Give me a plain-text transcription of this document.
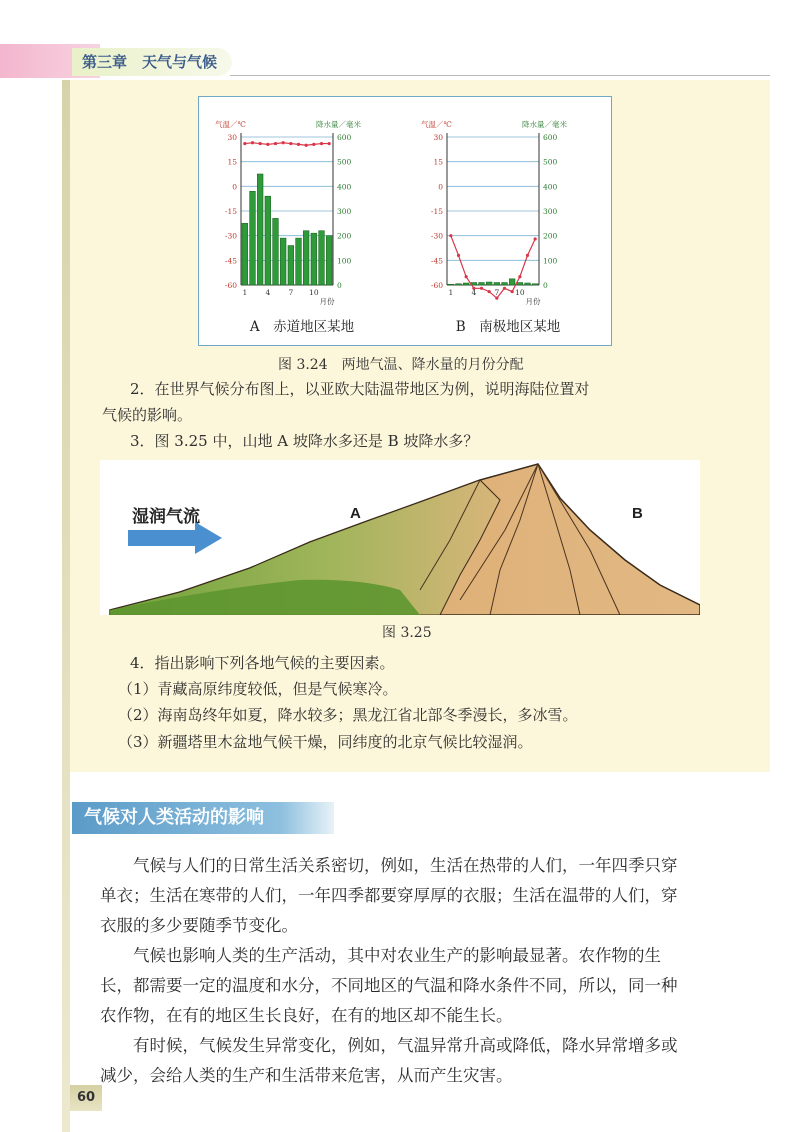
第三章　天气与气候
气温／℃	降水量／毫米
30
15
0
-15
-30
-45
-60
600
500
400
300
200
100
0
1 4 7 10
月份
A　赤道地区某地
气温／℃	降水量／毫米
30
15
0
-15
-30
-45
-60
600
500
400
300
200
100
0
1 4 7 10
月份
B　南极地区某地
图 3.24　两地气温、降水量的月份分配
2．在世界气候分布图上，以亚欧大陆温带地区为例，说明海陆位置对
气候的影响。
3．图 3.25 中，山地 A 坡降水多还是 B 坡降水多？
湿润气流	A	B
图 3.25
4．指出影响下列各地气候的主要因素。
（1）青藏高原纬度较低，但是气候寒冷。
（2）海南岛终年如夏，降水较多；黑龙江省北部冬季漫长，多冰雪。
（3）新疆塔里木盆地气候干燥，同纬度的北京气候比较湿润。
气候对人类活动的影响
　　气候与人们的日常生活关系密切，例如，生活在热带的人们，一年四季只穿
单衣；生活在寒带的人们，一年四季都要穿厚厚的衣服；生活在温带的人们，穿
衣服的多少要随季节变化。
　　气候也影响人类的生产活动，其中对农业生产的影响最显著。农作物的生
长，都需要一定的温度和水分，不同地区的气温和降水条件不同，所以，同一种
农作物，在有的地区生长良好，在有的地区却不能生长。
　　有时候，气候发生异常变化，例如，气温异常升高或降低，降水异常增多或
减少，会给人类的生产和生活带来危害，从而产生灾害。
60
